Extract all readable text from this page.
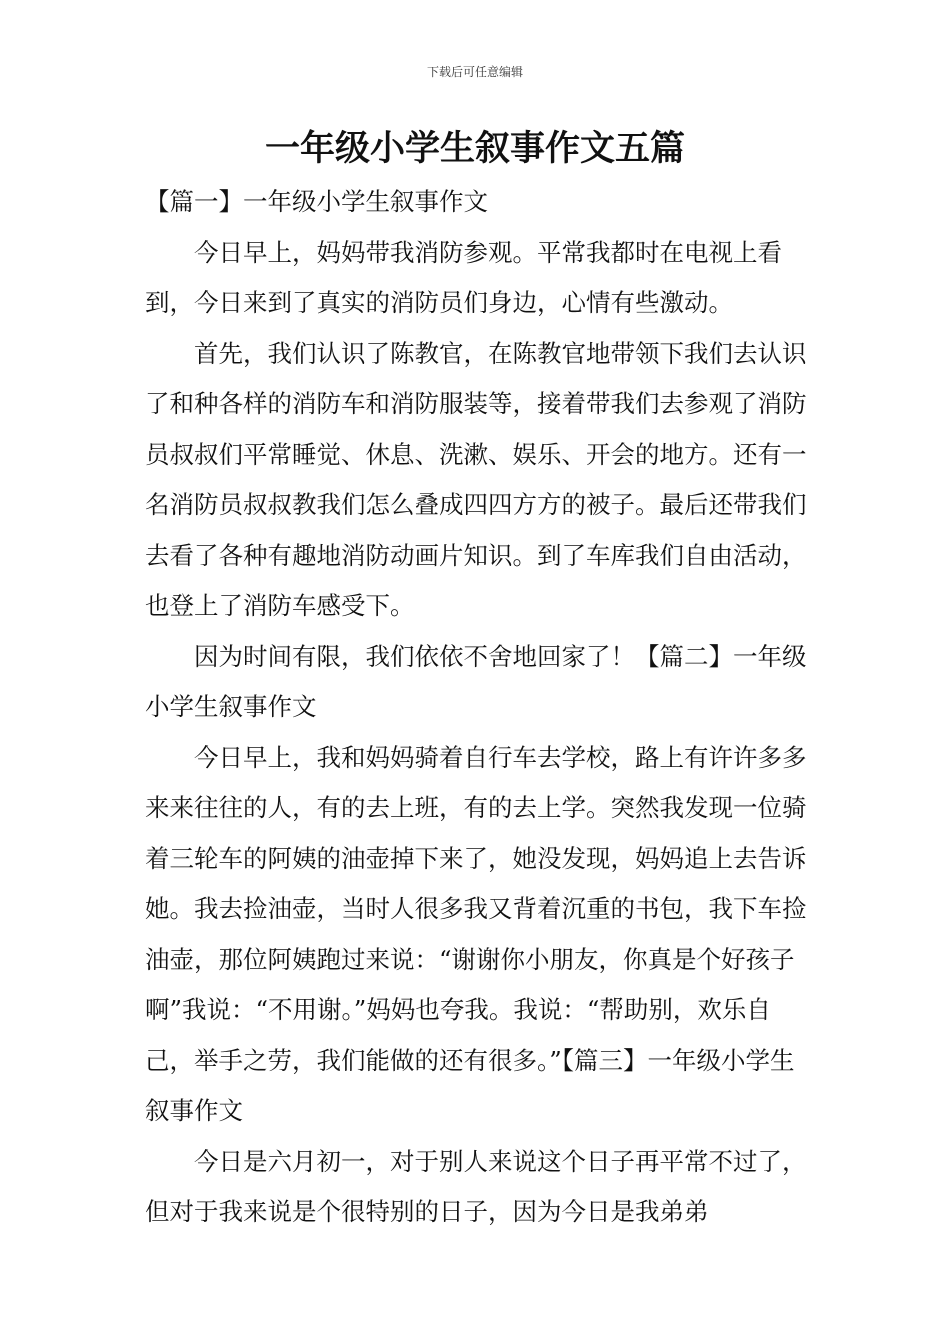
下载后可任意编辑
一年级小学生叙事作文五篇

【篇一】一年级小学生叙事作文

今日早上，妈妈带我消防参观。平常我都时在电视上看到，今日来到了真实的消防员们身边，心情有些激动。

首先，我们认识了陈教官，在陈教官地带领下我们去认识了和种各样的消防车和消防服装等，接着带我们去参观了消防员叔叔们平常睡觉、休息、洗漱、娱乐、开会的地方。还有一名消防员叔叔教我们怎么叠成四四方方的被子。最后还带我们去看了各种有趣地消防动画片知识。到了车库我们自由活动，也登上了消防车感受下。

因为时间有限，我们依依不舍地回家了！【篇二】一年级小学生叙事作文

今日早上，我和妈妈骑着自行车去学校，路上有许许多多来来往往的人，有的去上班，有的去上学。突然我发现一位骑着三轮车的阿姨的油壶掉下来了，她没发现，妈妈追上去告诉她。我去捡油壶，当时人很多我又背着沉重的书包，我下车捡油壶，那位阿姨跑过来说：“谢谢你小朋友，你真是个好孩子啊”我说：“不用谢。”妈妈也夸我。我说：“帮助别，欢乐自己，举手之劳，我们能做的还有很多。”【篇三】一年级小学生叙事作文

今日是六月初一，对于别人来说这个日子再平常不过了，但对于我来说是个很特别的日子，因为今日是我弟弟
